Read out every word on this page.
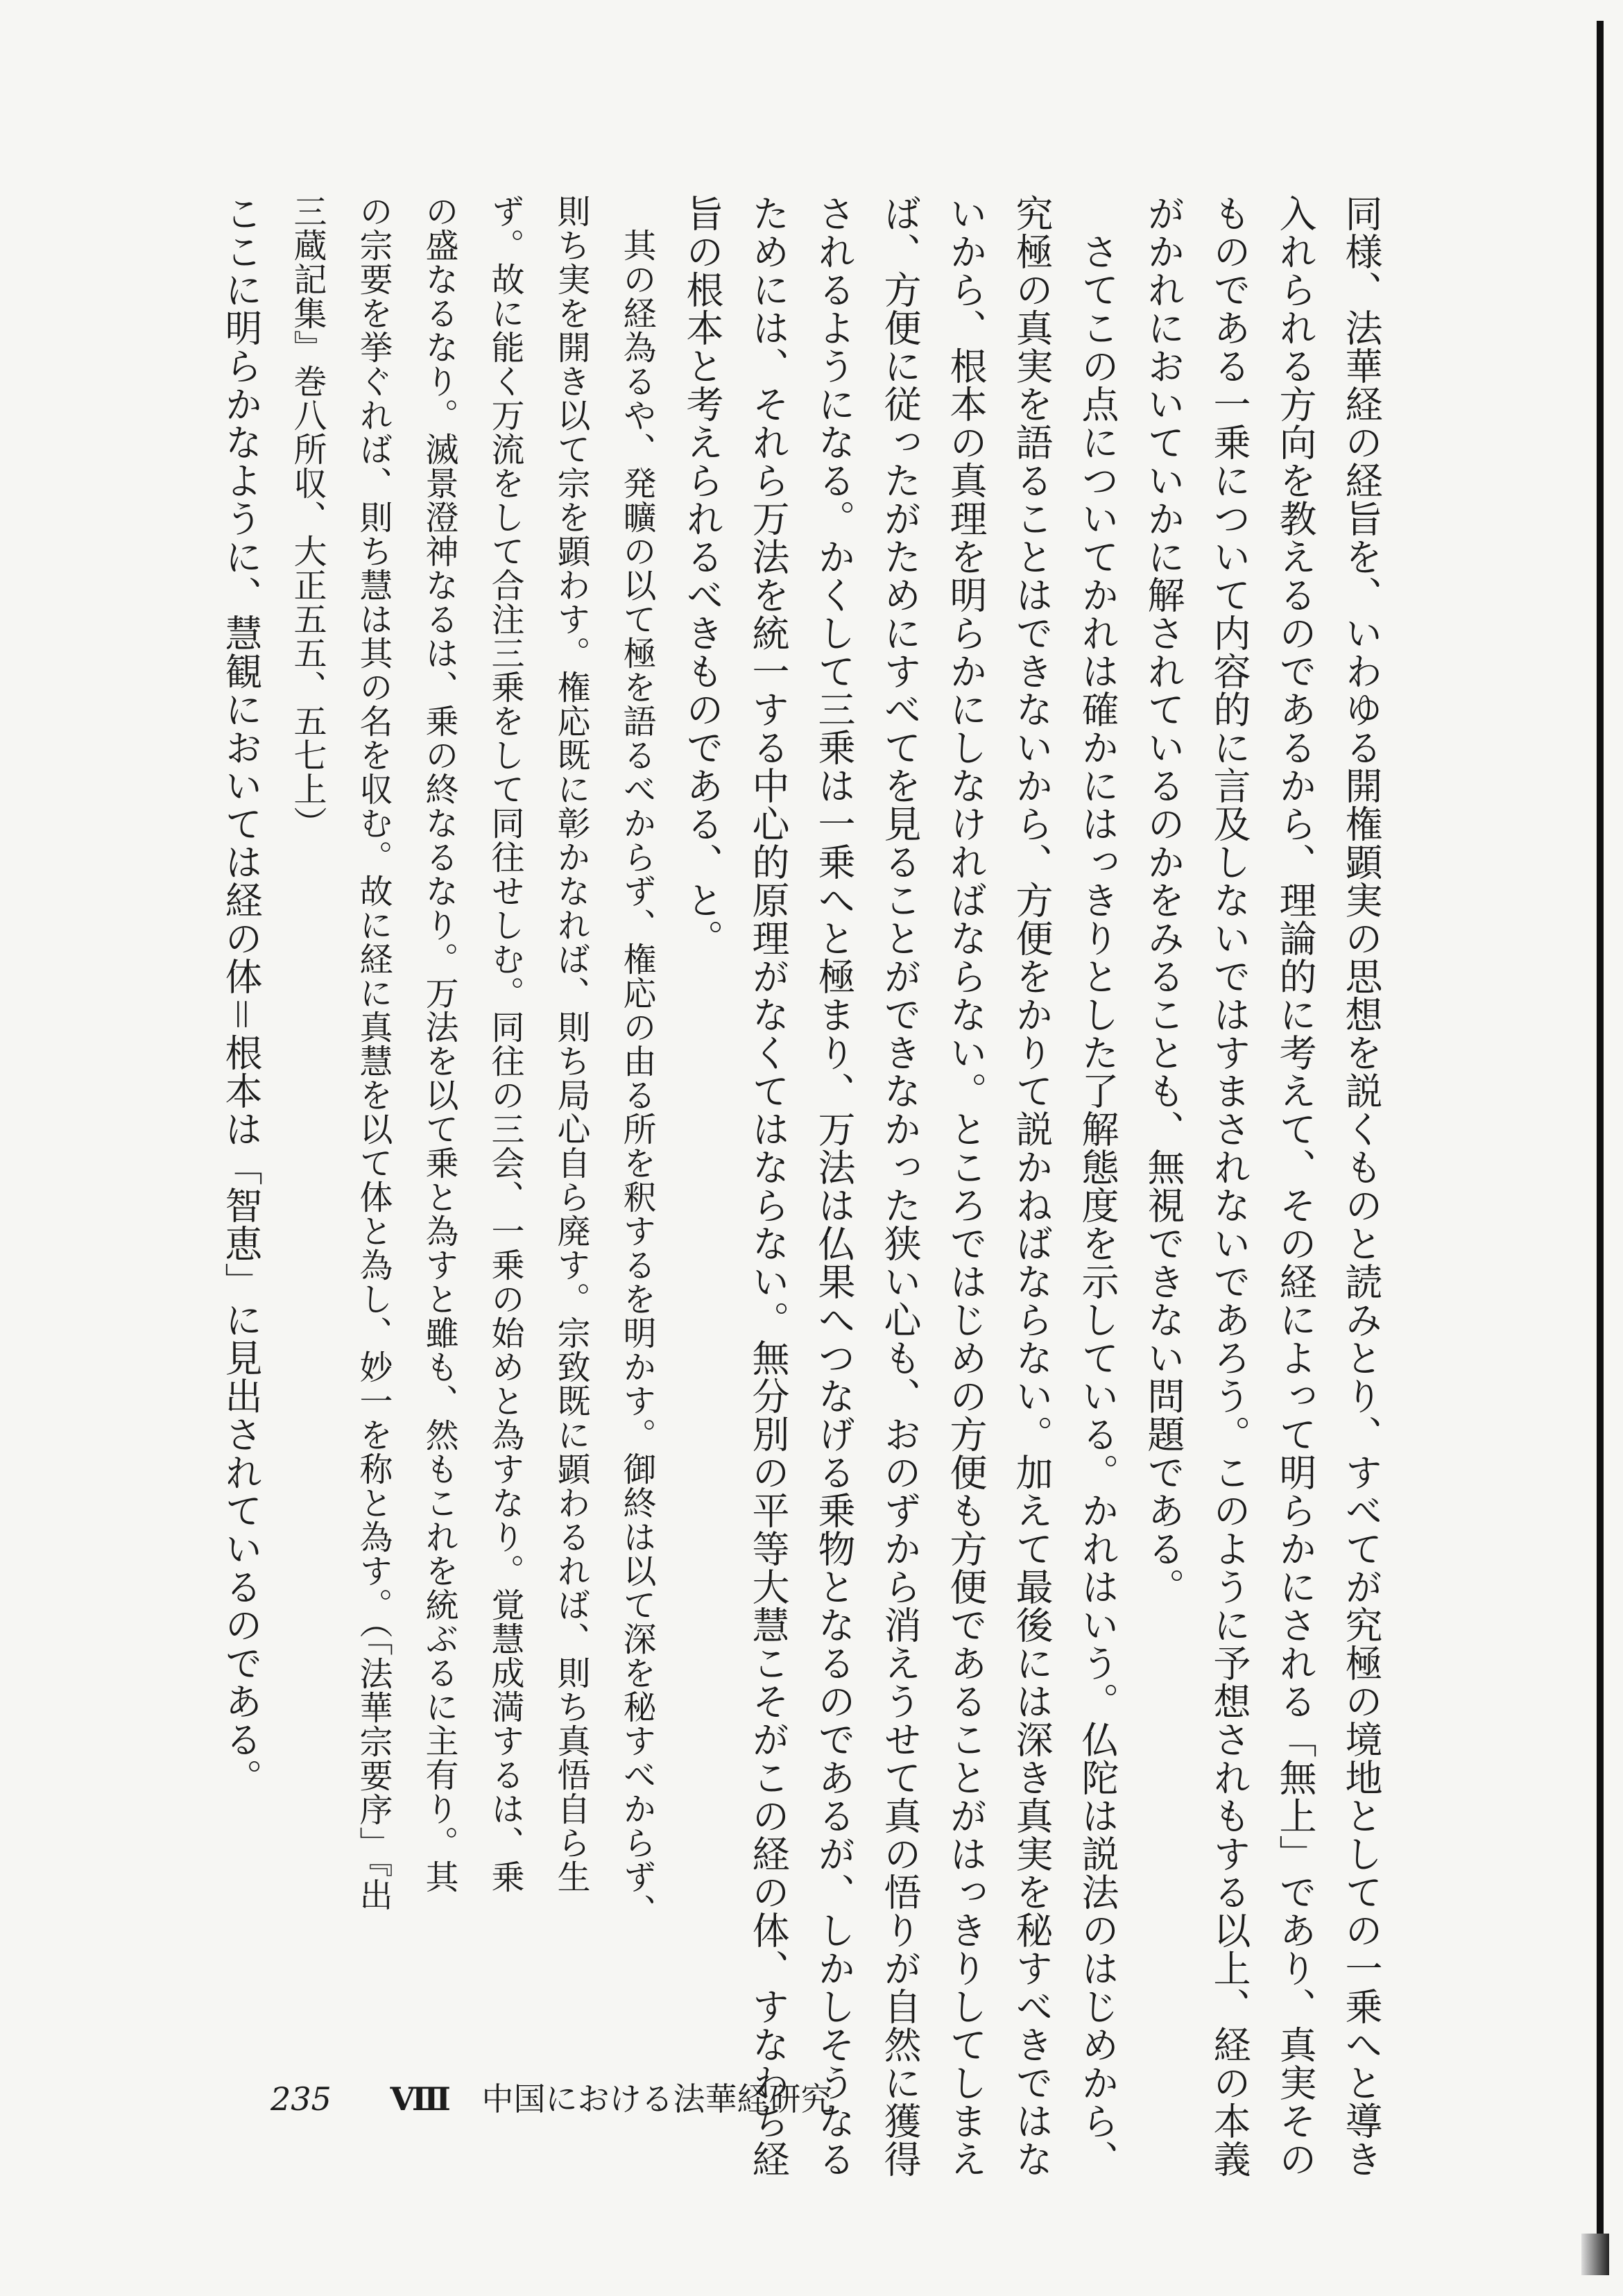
同様、法華経の経旨を、いわゆる開権顕実の思想を説くものと読みとり、すべてが究極の境地としての一乗へと導き
入れられる方向を教えるのであるから、理論的に考えて、その経によって明らかにされる「無上」であり、真実その
ものである一乗について内容的に言及しないではすまされないであろう。このように予想されもする以上、経の本義
がかれにおいていかに解されているのかをみることも、無視できない問題である。
　さてこの点についてかれは確かにはっきりとした了解態度を示している。かれはいう。仏陀は説法のはじめから、
究極の真実を語ることはできないから、方便をかりて説かねばならない。加えて最後には深き真実を秘すべきではな
いから、根本の真理を明らかにしなければならない。ところではじめの方便も方便であることがはっきりしてしまえ
ば、方便に従ったがためにすべてを見ることができなかった狭い心も、おのずから消えうせて真の悟りが自然に獲得
されるようになる。かくして三乗は一乗へと極まり、万法は仏果へつなげる乗物となるのであるが、しかしそうなる
ためには、それら万法を統一する中心的原理がなくてはならない。無分別の平等大慧こそがこの経の体、すなわち経
旨の根本と考えられるべきものである、と。
　其の経為るや、発曠の以て極を語るべからず、権応の由る所を釈するを明かす。御終は以て深を秘すべからず、
則ち実を開き以て宗を顕わす。権応既に彰かなれば、則ち局心自ら廃す。宗致既に顕わるれば、則ち真悟自ら生
ず。故に能く万流をして合注三乗をして同往せしむ。同往の三会、一乗の始めと為すなり。覚慧成満するは、乗
の盛なるなり。滅景澄神なるは、乗の終なるなり。万法を以て乗と為すと雖も、然もこれを統ぶるに主有り。其
の宗要を挙ぐれば、則ち慧は其の名を収む。故に経に真慧を以て体と為し、妙一を称と為す。（「法華宗要序」『出
三蔵記集』巻八所収、大正五五、五七上）
ここに明らかなように、慧観においては経の体＝根本は「智恵」に見出されているのである。
235 Ⅷ 中国における法華経研究
